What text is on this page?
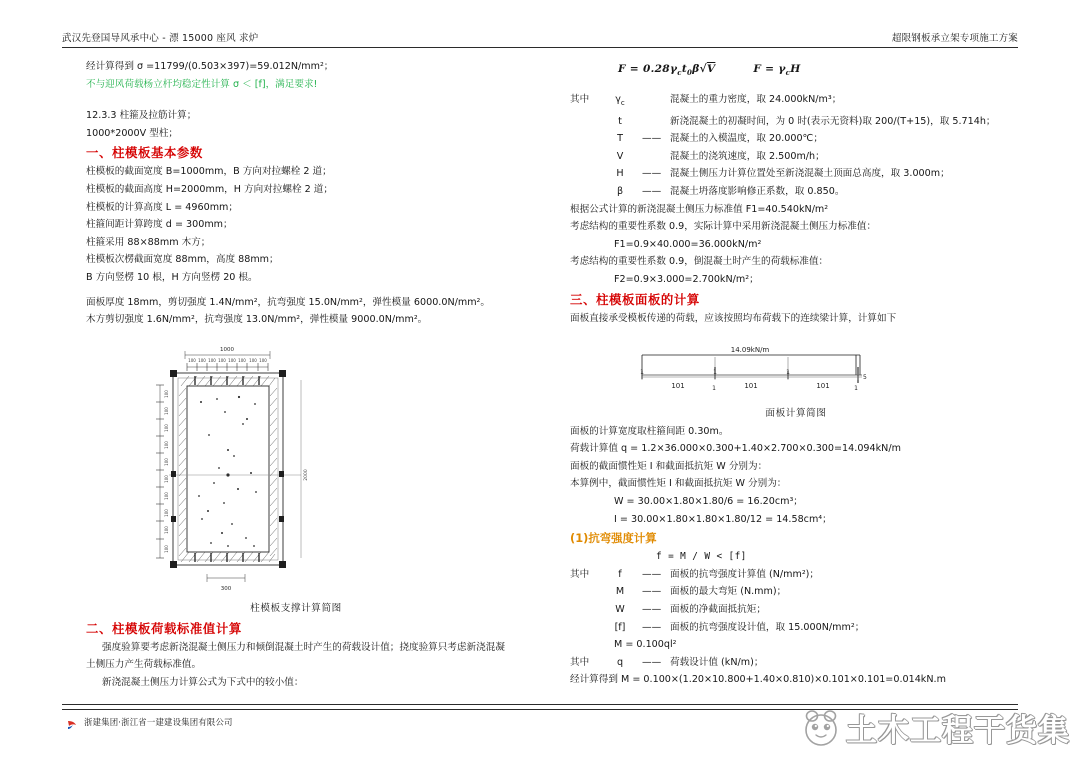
武汉先登国导风承中心 - 漂 15000 座风 求炉	超限钢板承立架专项施工方案
经计算得到 σ =11799/(0.503×397)=59.012N/mm²；
不与迎风荷载杨立杆均稳定性计算 σ ＜ [f]，满足要求!
12.3.3 柱箍及拉筋计算；
1000*2000V 型柱；
一、柱模板基本参数
柱模板的截面宽度 B=1000mm，B 方向对拉螺栓 2 道；
柱模板的截面高度 H=2000mm，H 方向对拉螺栓 2 道；
柱模板的计算高度 L = 4960mm；
柱箍间距计算跨度 d = 300mm；
柱箍采用 88×88mm 木方；
柱模板次楞截面宽度 88mm，高度 88mm；
B 方向竖楞 10 根，H 方向竖楞 20 根。
面板厚度 18mm，剪切强度 1.4N/mm²，抗弯强度 15.0N/mm²，弹性模量 6000.0N/mm²。
木方剪切强度 1.6N/mm²，抗弯强度 13.0N/mm²，弹性模量 9000.0N/mm²。
300
1000
100 100 100 100 100 100 100 100
100
100
100
100
100
100
100
100
100
100
2000
柱模板支撑计算简图
二、柱模板荷载标准值计算
强度验算要考虑新浇混凝土侧压力和倾倒混凝土时产生的荷载设计值；挠度验算只考虑新浇混凝土侧压力产生荷载标准值。
新浇混凝土侧压力计算公式为下式中的较小值：
$F = 0.28\gamma_ct_0\beta√V$	$F = \gamma_cH$
其中	$\gamma_c$	混凝土的重力密度，取 24.000kN/m³；
t	新浇混凝土的初凝时间，为 0 时(表示无资料)取 200/(T+15)，取 5.714h；
T	—— 混凝土的入模温度，取 20.000℃；
V	混凝土的浇筑速度，取 2.500m/h；
H	—— 混凝土侧压力计算位置处至新浇混凝土顶面总高度，取 3.000m；
β	—— 混凝土坍落度影响修正系数，取 0.850。
根据公式计算的新浇混凝土侧压力标准值 F1=40.540kN/m²
考虑结构的重要性系数 0.9，实际计算中采用新浇混凝土侧压力标准值：
F1=0.9×40.000=36.000kN/m²
考虑结构的重要性系数 0.9，倒混凝土时产生的荷载标准值：
F2=0.9×3.000=2.700kN/m²；
三、柱模板面板的计算
面板直接承受模板传递的荷载，应该按照均布荷载下的连续梁计算，计算如下
14.09kN/m
1	1	1
101	101	101
5
1
1
面板计算简图
面板的计算宽度取柱箍间距 0.30m。
荷载计算值 q = 1.2×36.000×0.300+1.40×2.700×0.300=14.094kN/m
面板的截面惯性矩 I 和截面抵抗矩 W 分别为：
本算例中，截面惯性矩 I 和截面抵抗矩 W 分别为：
W = 30.00×1.80×1.80/6 = 16.20cm³；
I = 30.00×1.80×1.80×1.80/12 = 14.58cm⁴；
(1)抗弯强度计算
f = M / W < [f]
其中	f	—— 面板的抗弯强度计算值 (N/mm²)；
M	—— 面板的最大弯矩 (N.mm)；
W	—— 面板的净截面抵抗矩；
[f]	—— 面板的抗弯强度设计值，取 15.000N/mm²；
M = 0.100ql²
其中	q	—— 荷载设计值 (kN/m)；
经计算得到 M = 0.100×(1.20×10.800+1.40×0.810)×0.101×0.101=0.014kN.m
浙建集团·浙江省一建建设集团有限公司	土木工程干货集
